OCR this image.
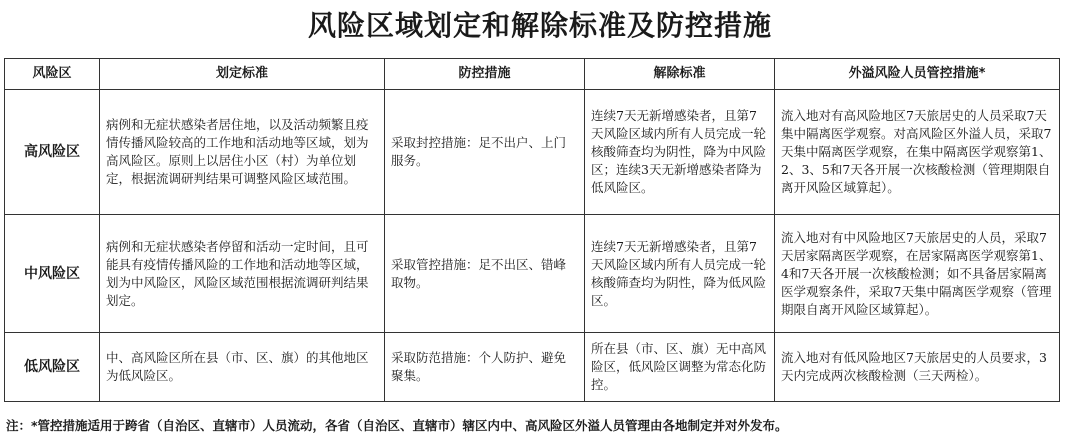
风险区域划定和解除标准及防控措施
风险区	划定标准	防控措施	解除标准	外溢风险人员管控措施*
高风险区	病例和无症状感染者居住地，以及活动频繁且疫情传播风险较高的工作地和活动地等区域，划为高风险区。原则上以居住小区（村）为单位划定，根据流调研判结果可调整风险区域范围。	采取封控措施：足不出户、上门服务。	连续7天无新增感染者，且第7天风险区域内所有人员完成一轮核酸筛查均为阴性，降为中风险区；连续3天无新增感染者降为低风险区。	流入地对有高风险地区7天旅居史的人员采取7天集中隔离医学观察。对高风险区外溢人员，采取7天集中隔离医学观察，在集中隔离医学观察第1、2、3、5和7天各开展一次核酸检测（管理期限自离开风险区域算起）。
中风险区	病例和无症状感染者停留和活动一定时间，且可能具有疫情传播风险的工作地和活动地等区域，划为中风险区，风险区域范围根据流调研判结果划定。	采取管控措施：足不出区、错峰取物。	连续7天无新增感染者，且第7天风险区域内所有人员完成一轮核酸筛查均为阴性，降为低风险区。	流入地对有中风险地区7天旅居史的人员，采取7天居家隔离医学观察，在居家隔离医学观察第1、4和7天各开展一次核酸检测；如不具备居家隔离医学观察条件，采取7天集中隔离医学观察（管理期限自离开风险区域算起）。
低风险区	中、高风险区所在县（市、区、旗）的其他地区为低风险区。	采取防范措施：个人防护、避免聚集。	所在县（市、区、旗）无中高风险区，低风险区调整为常态化防控。	流入地对有低风险地区7天旅居史的人员要求，3天内完成两次核酸检测（三天两检）。
注：*管控措施适用于跨省（自治区、直辖市）人员流动，各省（自治区、直辖市）辖区内中、高风险区外溢人员管理由各地制定并对外发布。
